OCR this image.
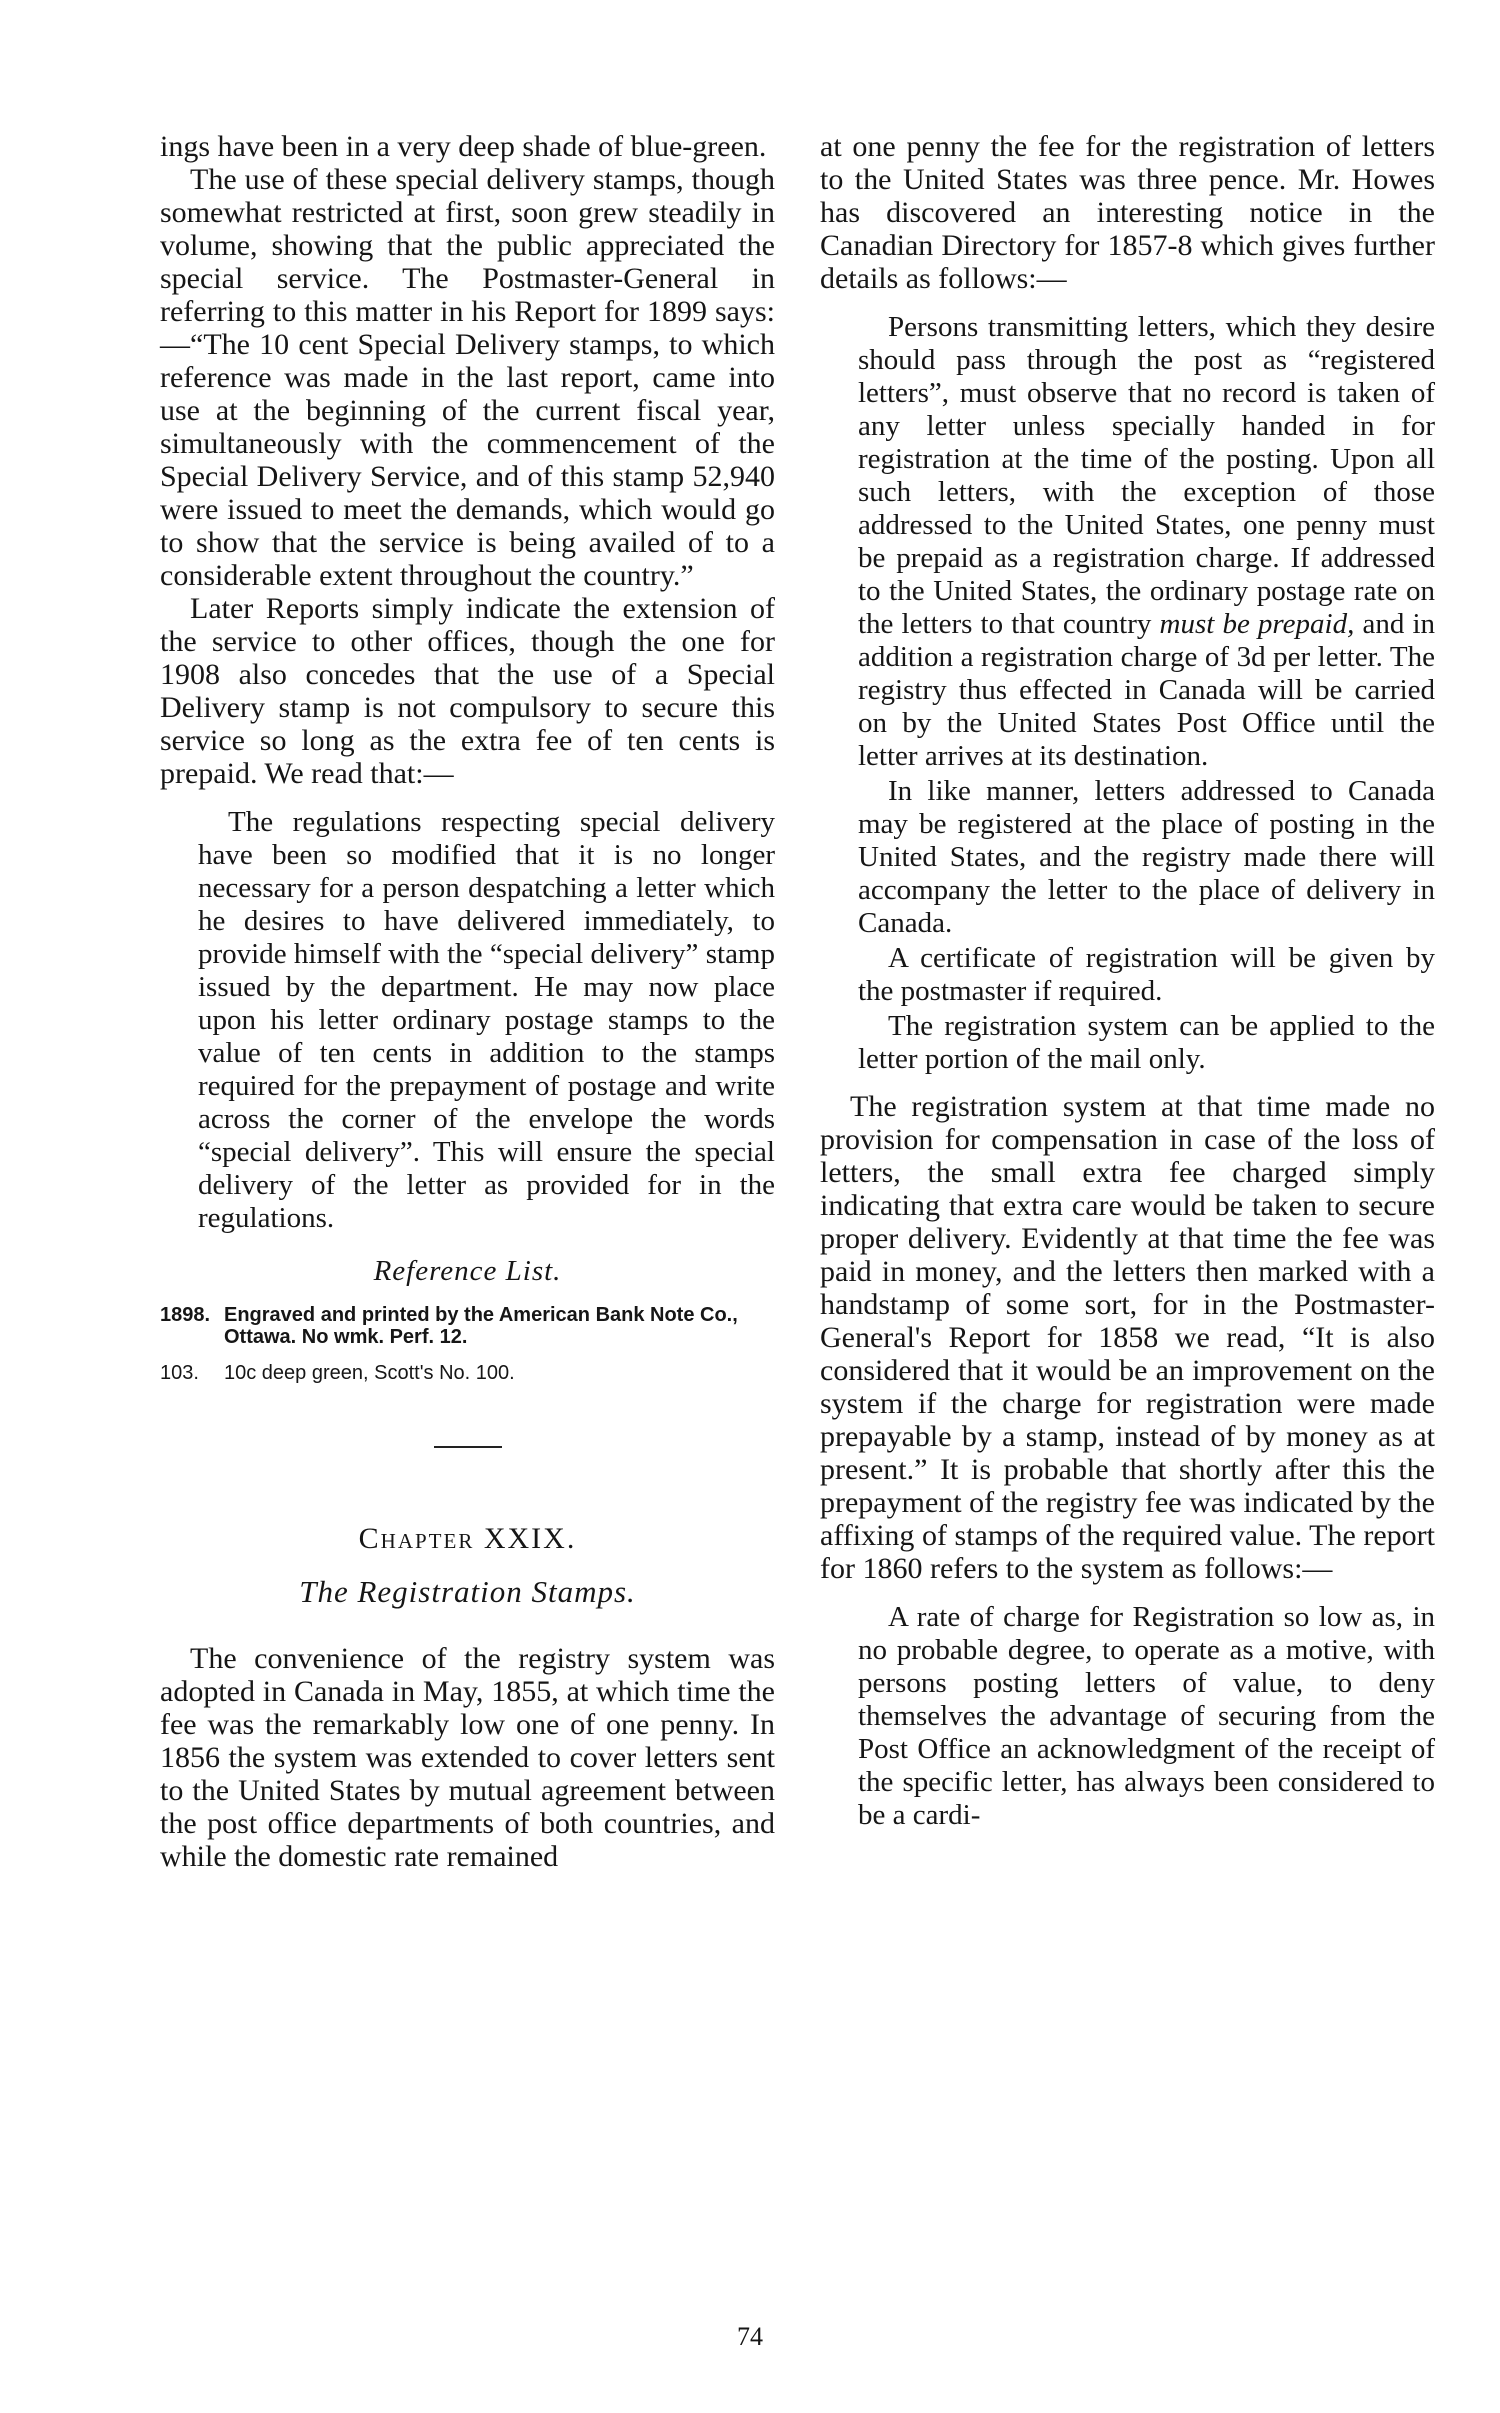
ings have been in a very deep shade of blue-green.

The use of these special delivery stamps, though somewhat restricted at first, soon grew steadily in volume, showing that the public appreciated the special service. The Postmaster-General in referring to this matter in his Report for 1899 says:—“The 10 cent Special Delivery stamps, to which reference was made in the last report, came into use at the beginning of the current fiscal year, simultaneously with the commencement of the Special Delivery Service, and of this stamp 52,940 were issued to meet the demands, which would go to show that the service is being availed of to a considerable extent throughout the country.”

Later Reports simply indicate the extension of the service to other offices, though the one for 1908 also concedes that the use of a Special Delivery stamp is not compulsory to secure this service so long as the extra fee of ten cents is prepaid. We read that:—

The regulations respecting special delivery have been so modified that it is no longer necessary for a person despatching a letter which he desires to have delivered immediately, to provide himself with the “special delivery” stamp issued by the department. He may now place upon his letter ordinary postage stamps to the value of ten cents in addition to the stamps required for the prepayment of postage and write across the corner of the envelope the words “special delivery”. This will ensure the special delivery of the letter as provided for in the regulations.

Reference List.
1898. Engraved and printed by the American Bank Note Co., Ottawa. No wmk. Perf. 12.
103.	10c deep green, Scott's No. 100.
Chapter XXIX.
The Registration Stamps.

The convenience of the registry system was adopted in Canada in May, 1855, at which time the fee was the remarkably low one of one penny. In 1856 the system was extended to cover letters sent to the United States by mutual agreement between the post office departments of both countries, and while the domestic rate remained

at one penny the fee for the registration of letters to the United States was three pence. Mr. Howes has discovered an interesting notice in the Canadian Directory for 1857-8 which gives further details as follows:—

Persons transmitting letters, which they desire should pass through the post as “registered letters”, must observe that no record is taken of any letter unless specially handed in for registration at the time of the posting. Upon all such letters, with the exception of those addressed to the United States, one penny must be prepaid as a registration charge. If addressed to the United States, the ordinary postage rate on the letters to that country must be prepaid, and in addition a registration charge of 3d per letter. The registry thus effected in Canada will be carried on by the United States Post Office until the letter arrives at its destination.

In like manner, letters addressed to Canada may be registered at the place of posting in the United States, and the registry made there will accompany the letter to the place of delivery in Canada.

A certificate of registration will be given by the postmaster if required.

The registration system can be applied to the letter portion of the mail only.

The registration system at that time made no provision for compensation in case of the loss of letters, the small extra fee charged simply indicating that extra care would be taken to secure proper delivery. Evidently at that time the fee was paid in money, and the letters then marked with a handstamp of some sort, for in the Postmaster-General's Report for 1858 we read, “It is also considered that it would be an improvement on the system if the charge for registration were made prepayable by a stamp, instead of by money as at present.” It is probable that shortly after this the prepayment of the registry fee was indicated by the affixing of stamps of the required value. The report for 1860 refers to the system as follows:—

A rate of charge for Registration so low as, in no probable degree, to operate as a motive, with persons posting letters of value, to deny themselves the advantage of securing from the Post Office an acknowledgment of the receipt of the specific letter, has always been considered to be a cardi-

74
